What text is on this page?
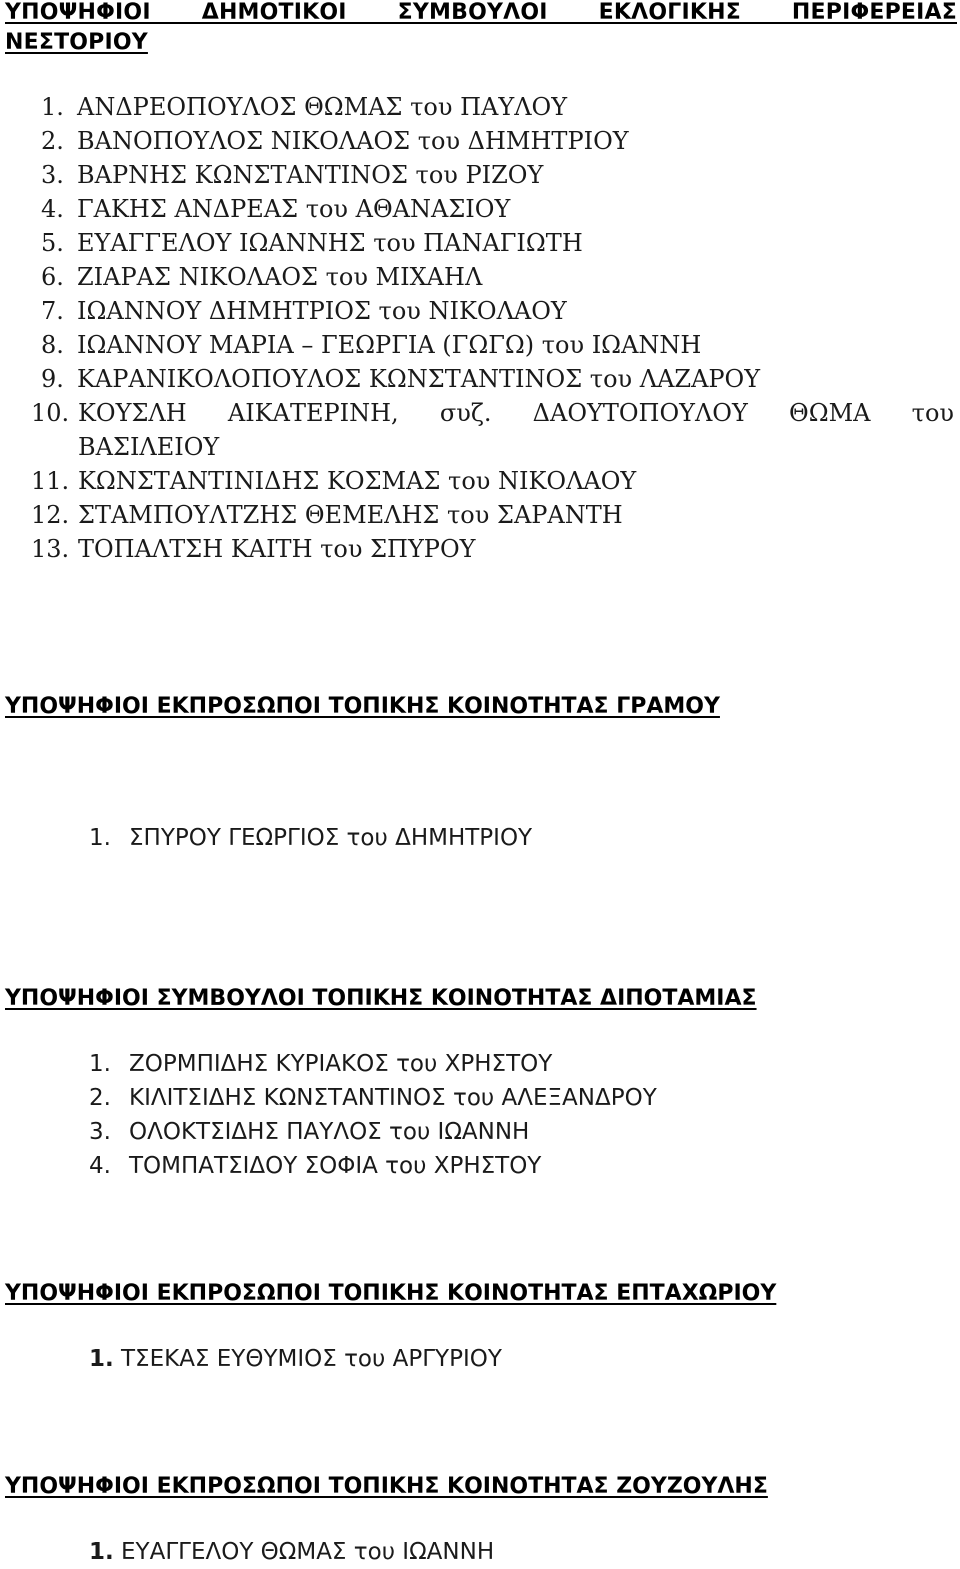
ΥΠΟΨΗΦΙΟΙ ΔΗΜΟΤΙΚΟΙ ΣΥΜΒΟΥΛΟΙ ΕΚΛΟΓΙΚΗΣ ΠΕΡΙΦΕΡΕΙΑΣ ΝΕΣΤΟΡΙΟΥ
1. ΑΝΔΡΕΟΠΟΥΛΟΣ ΘΩΜΑΣ του ΠΑΥΛΟΥ
2. ΒΑΝΟΠΟΥΛΟΣ ΝΙΚΟΛΑΟΣ του ΔΗΜΗΤΡΙΟΥ
3. ΒΑΡΝΗΣ ΚΩΝΣΤΑΝΤΙΝΟΣ του ΡΙΖΟΥ
4. ΓΑΚΗΣ ΑΝΔΡΕΑΣ του ΑΘΑΝΑΣΙΟΥ
5. ΕΥΑΓΓΕΛΟΥ ΙΩΑΝΝΗΣ του ΠΑΝΑΓΙΩΤΗ
6. ΖΙΑΡΑΣ ΝΙΚΟΛΑΟΣ του ΜΙΧΑΗΛ
7. ΙΩΑΝΝΟΥ ΔΗΜΗΤΡΙΟΣ του ΝΙΚΟΛΑΟΥ
8. ΙΩΑΝΝΟΥ ΜΑΡΙΑ – ΓΕΩΡΓΙΑ (ΓΩΓΩ) του ΙΩΑΝΝΗ
9. ΚΑΡΑΝΙΚΟΛΟΠΟΥΛΟΣ ΚΩΝΣΤΑΝΤΙΝΟΣ του ΛΑΖΑΡΟΥ
10. ΚΟΥΣΛΗ ΑΙΚΑΤΕΡΙΝΗ, συζ. ΔΑΟΥΤΟΠΟΥΛΟΥ ΘΩΜΑ του ΒΑΣΙΛΕΙΟΥ
11. ΚΩΝΣΤΑΝΤΙΝΙΔΗΣ ΚΟΣΜΑΣ του ΝΙΚΟΛΑΟΥ
12. ΣΤΑΜΠΟΥΛΤΖΗΣ ΘΕΜΕΛΗΣ του ΣΑΡΑΝΤΗ
13. ΤΟΠΑΛΤΣΗ ΚΑΙΤΗ του ΣΠΥΡΟΥ
ΥΠΟΨΗΦΙΟΙ ΕΚΠΡΟΣΩΠΟΙ ΤΟΠΙΚΗΣ ΚΟΙΝΟΤΗΤΑΣ ΓΡΑΜΟΥ
1. ΣΠΥΡΟΥ ΓΕΩΡΓΙΟΣ του ΔΗΜΗΤΡΙΟΥ
ΥΠΟΨΗΦΙΟΙ ΣΥΜΒΟΥΛΟΙ ΤΟΠΙΚΗΣ ΚΟΙΝΟΤΗΤΑΣ ΔΙΠΟΤΑΜΙΑΣ
1. ΖΟΡΜΠΙΔΗΣ ΚΥΡΙΑΚΟΣ του ΧΡΗΣΤΟΥ
2. ΚΙΛΙΤΣΙΔΗΣ ΚΩΝΣΤΑΝΤΙΝΟΣ του ΑΛΕΞΑΝΔΡΟΥ
3. ΟΛΟΚΤΣΙΔΗΣ ΠΑΥΛΟΣ του ΙΩΑΝΝΗ
4. ΤΟΜΠΑΤΣΙΔΟΥ ΣΟΦΙΑ του ΧΡΗΣΤΟΥ
ΥΠΟΨΗΦΙΟΙ ΕΚΠΡΟΣΩΠΟΙ ΤΟΠΙΚΗΣ ΚΟΙΝΟΤΗΤΑΣ ΕΠΤΑΧΩΡΙΟΥ
1. ΤΣΕΚΑΣ ΕΥΘΥΜΙΟΣ του ΑΡΓΥΡΙΟΥ
ΥΠΟΨΗΦΙΟΙ ΕΚΠΡΟΣΩΠΟΙ ΤΟΠΙΚΗΣ ΚΟΙΝΟΤΗΤΑΣ ΖΟΥΖΟΥΛΗΣ
1. ΕΥΑΓΓΕΛΟΥ ΘΩΜΑΣ του ΙΩΑΝΝΗ
